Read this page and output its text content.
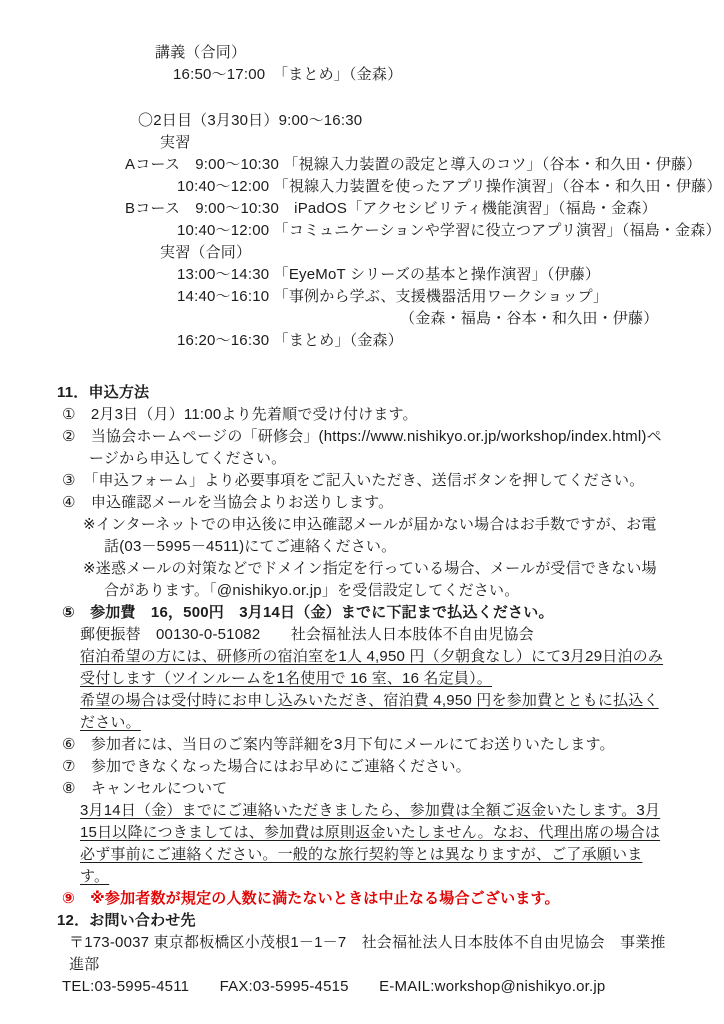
講義（合同）
16:50～17:00　「まとめ」（金森）
〇2日目（3月30日）9:00～16:30
実習
Aコース　9:00～10:30 「視線入力装置の設定と導入のコツ」（谷本・和久田・伊藤）
10:40～12:00 「視線入力装置を使ったアプリ操作演習」（谷本・和久田・伊藤）
Bコース　9:00～10:30　iPadOS「アクセシビリティ機能演習」（福島・金森）
10:40～12:00 「コミュニケーションや学習に役立つアプリ演習」（福島・金森）
実習（合同）
13:00～14:30 「EyeMoT シリーズの基本と操作演習」（伊藤）
14:40～16:10 「事例から学ぶ、支援機器活用ワークショップ」
（金森・福島・谷本・和久田・伊藤）
16:20～16:30 「まとめ」（金森）
11．申込方法
①　2月3日（月）11:00より先着順で受け付けます。
②　当協会ホームページの「研修会」(https://www.nishikyo.or.jp/workshop/index.html)ページから申込してください。
③　「申込フォーム」より必要事項をご記入いただき、送信ボタンを押してください。
④　申込確認メールを当協会よりお送りします。
※インターネットでの申込後に申込確認メールが届かない場合はお手数ですが、お電話(03－5995－4511)にてご連絡ください。
※迷惑メールの対策などでドメイン指定を行っている場合、メールが受信できない場合があります。「@nishikyo.or.jp」を受信設定してください。
⑤　参加費　16，500円　3月14日（金）までに下記まで払込ください。
郵便振替　00130-0-51082　　社会福祉法人日本肢体不自由児協会
宿泊希望の方には、研修所の宿泊室を1人 4,950 円（夕朝食なし）にて3月29日泊のみ受付します（ツインルームを1名使用で 16 室、16 名定員）。
希望の場合は受付時にお申し込みいただき、宿泊費 4,950 円を参加費とともに払込ください。
⑥　参加者には、当日のご案内等詳細を3月下旬にメールにてお送りいたします。
⑦　参加できなくなった場合にはお早めにご連絡ください。
⑧　キャンセルについて
3月14日（金）までにご連絡いただきましたら、参加費は全額ご返金いたします。3月15日以降につきましては、参加費は原則返金いたしません。なお、代理出席の場合は必ず事前にご連絡ください。一般的な旅行契約等とは異なりますが、ご了承願います。
⑨　※参加者数が規定の人数に満たないときは中止なる場合ございます。
12．お問い合わせ先
〒173-0037 東京都板橋区小茂根1－1－7　社会福祉法人日本肢体不自由児協会　事業推進部
TEL:03-5995-4511　　FAX:03-5995-4515　　E-MAIL:workshop@nishikyo.or.jp
